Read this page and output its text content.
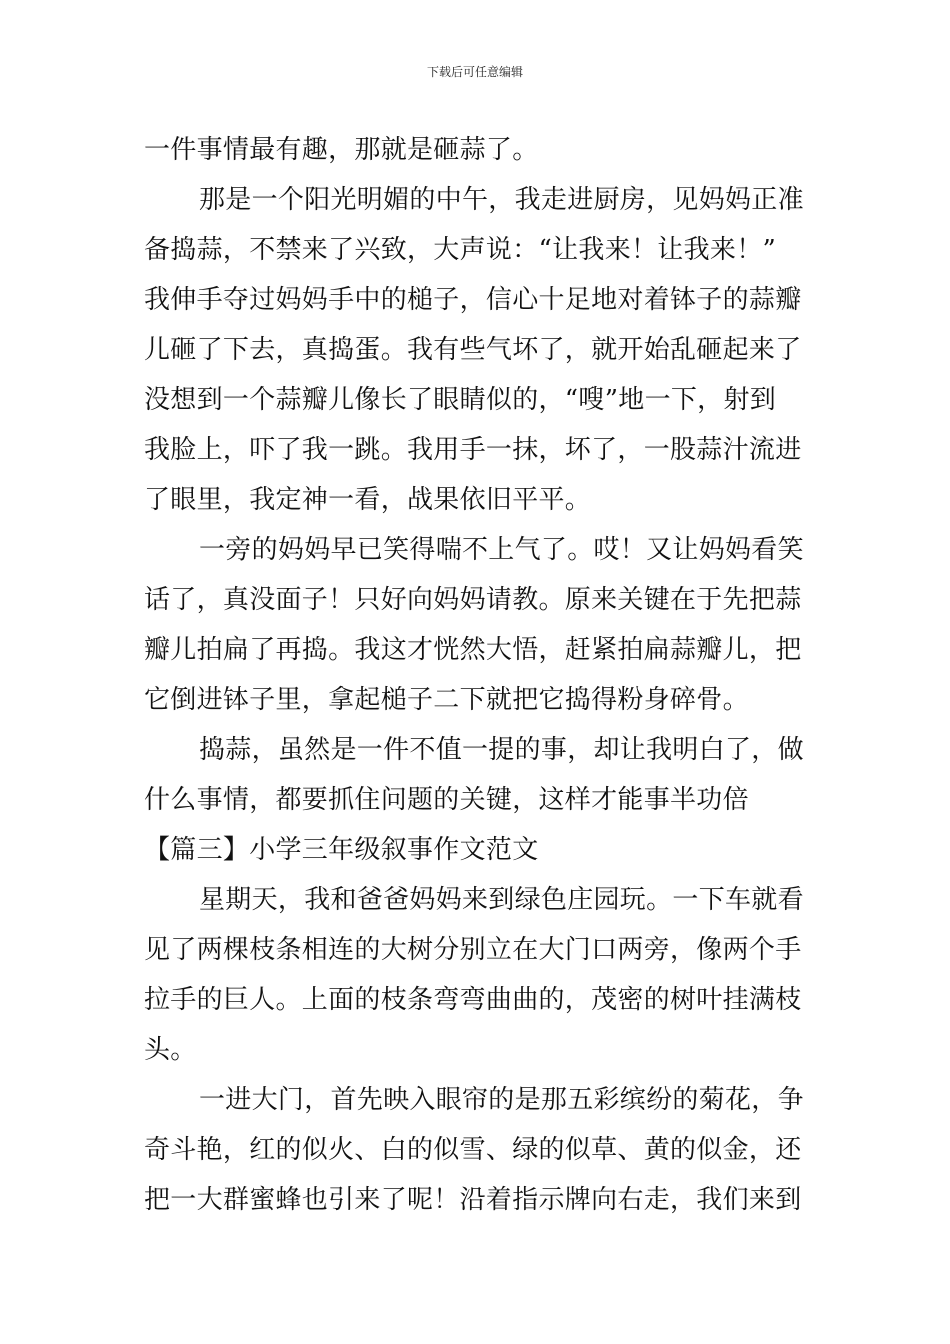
下载后可任意编辑
一件事情最有趣，那就是砸蒜了。
那是一个阳光明媚的中午，我走进厨房，见妈妈正准
备捣蒜，不禁来了兴致，大声说：“让我来！让我来！”
我伸手夺过妈妈手中的槌子，信心十足地对着钵子的蒜瓣
儿砸了下去，真捣蛋。我有些气坏了，就开始乱砸起来了
没想到一个蒜瓣儿像长了眼睛似的，“嗖”地一下，射到
我脸上，吓了我一跳。我用手一抹，坏了，一股蒜汁流进
了眼里，我定神一看，战果依旧平平。
一旁的妈妈早已笑得喘不上气了。哎！又让妈妈看笑
话了，真没面子！只好向妈妈请教。原来关键在于先把蒜
瓣儿拍扁了再捣。我这才恍然大悟，赶紧拍扁蒜瓣儿，把
它倒进钵子里，拿起槌子二下就把它捣得粉身碎骨。
捣蒜，虽然是一件不值一提的事，却让我明白了，做
什么事情，都要抓住问题的关键，这样才能事半功倍
【篇三】小学三年级叙事作文范文
星期天，我和爸爸妈妈来到绿色庄园玩。一下车就看
见了两棵枝条相连的大树分别立在大门口两旁，像两个手
拉手的巨人。上面的枝条弯弯曲曲的，茂密的树叶挂满枝
头。
一进大门，首先映入眼帘的是那五彩缤纷的菊花，争
奇斗艳，红的似火、白的似雪、绿的似草、黄的似金，还
把一大群蜜蜂也引来了呢！沿着指示牌向右走，我们来到
